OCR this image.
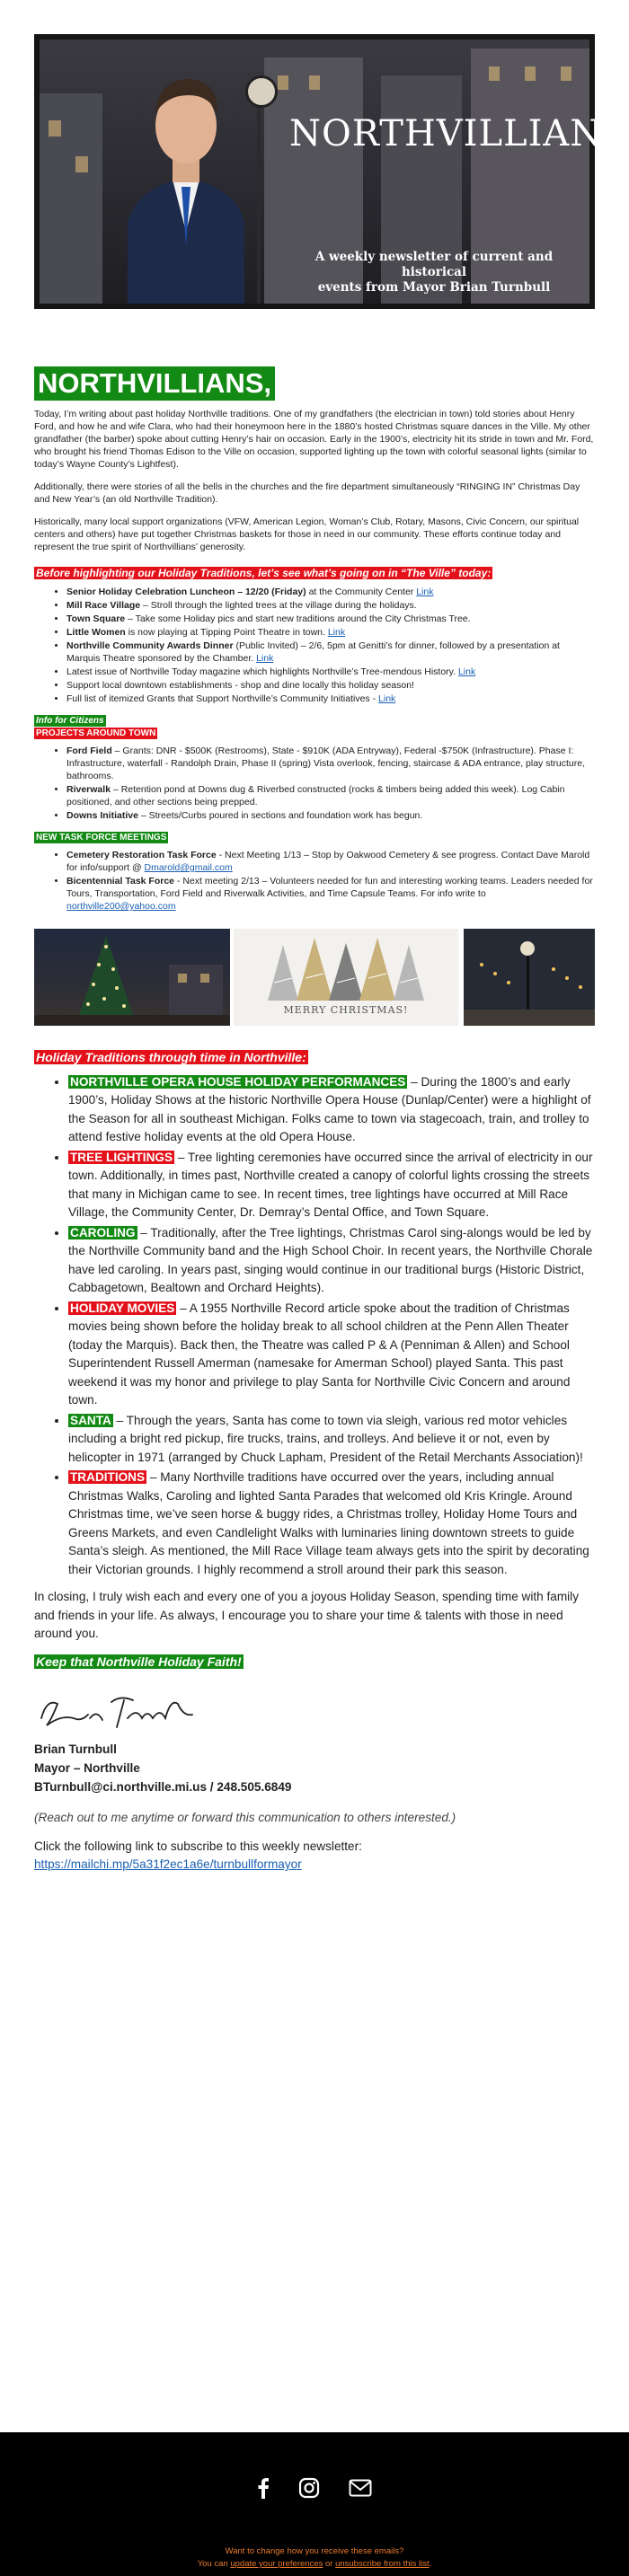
NORTHVILLIAN
A weekly newsletter of current and historical
events from Mayor Brian Turnbull
NORTHVILLIANS,

Today, I’m writing about past holiday Northville traditions. One of my grandfathers (the electrician in town) told stories about Henry Ford, and how he and wife Clara, who had their honeymoon here in the 1880’s hosted Christmas square dances in the Ville. My other grandfather (the barber) spoke about cutting Henry’s hair on occasion. Early in the 1900’s, electricity hit its stride in town and Mr. Ford, who brought his friend Thomas Edison to the Ville on occasion, supported lighting up the town with colorful seasonal lights (similar to today’s Wayne County’s Lightfest).

Additionally, there were stories of all the bells in the churches and the fire department simultaneously “RINGING IN” Christmas Day and New Year’s (an old Northville Tradition).

Historically, many local support organizations (VFW, American Legion, Woman’s Club, Rotary, Masons, Civic Concern, our spiritual centers and others) have put together Christmas baskets for those in need in our community. These efforts continue today and represent the true spirit of Northvillians’ generosity.

Before highlighting our Holiday Traditions, let’s see what’s going on in “The Ville” today:
• Senior Holiday Celebration Luncheon – 12/20 (Friday) at the Community Center Link
• Mill Race Village – Stroll through the lighted trees at the village during the holidays.
• Town Square – Take some Holiday pics and start new traditions around the City Christmas Tree.
• Little Women is now playing at Tipping Point Theatre in town. Link
• Northville Community Awards Dinner (Public Invited) – 2/6, 5pm at Genitti’s for dinner, followed by a presentation at Marquis Theatre sponsored by the Chamber. Link
• Latest issue of Northville Today magazine which highlights Northville’s Tree-mendous History. Link
• Support local downtown establishments - shop and dine locally this holiday season!
• Full list of itemized Grants that Support Northville’s Community Initiatives - Link
Info for Citizens
PROJECTS AROUND TOWN
• Ford Field – Grants: DNR - $500K (Restrooms), State - $910K (ADA Entryway), Federal -$750K (Infrastructure). Phase I: Infrastructure, waterfall - Randolph Drain, Phase II (spring) Vista overlook, fencing, staircase & ADA entrance, play structure, bathrooms.
• Riverwalk – Retention pond at Downs dug & Riverbed constructed (rocks & timbers being added this week). Log Cabin positioned, and other sections being prepped.
• Downs Initiative – Streets/Curbs poured in sections and foundation work has begun.
NEW TASK FORCE MEETINGS
• Cemetery Restoration Task Force - Next Meeting 1/13 – Stop by Oakwood Cemetery & see progress. Contact Dave Marold for info/support @ Dmarold@gmail.com
• Bicentennial Task Force - Next meeting 2/13 – Volunteers needed for fun and interesting working teams. Leaders needed for Tours, Transportation, Ford Field and Riverwalk Activities, and Time Capsule Teams. For info write to northville200@yahoo.com
MERRY CHRISTMAS!
Holiday Traditions through time in Northville:
• NORTHVILLE OPERA HOUSE HOLIDAY PERFORMANCES – During the 1800’s and early 1900’s, Holiday Shows at the historic Northville Opera House (Dunlap/Center) were a highlight of the Season for all in southeast Michigan. Folks came to town via stagecoach, train, and trolley to attend festive holiday events at the old Opera House.
• TREE LIGHTINGS – Tree lighting ceremonies have occurred since the arrival of electricity in our town. Additionally, in times past, Northville created a canopy of colorful lights crossing the streets that many in Michigan came to see. In recent times, tree lightings have occurred at Mill Race Village, the Community Center, Dr. Demray’s Dental Office, and Town Square.
• CAROLING – Traditionally, after the Tree lightings, Christmas Carol sing-alongs would be led by the Northville Community band and the High School Choir. In recent years, the Northville Chorale have led caroling. In years past, singing would continue in our traditional burgs (Historic District, Cabbagetown, Bealtown and Orchard Heights).
• HOLIDAY MOVIES – A 1955 Northville Record article spoke about the tradition of Christmas movies being shown before the holiday break to all school children at the Penn Allen Theater (today the Marquis). Back then, the Theatre was called P & A (Penniman & Allen) and School Superintendent Russell Amerman (namesake for Amerman School) played Santa. This past weekend it was my honor and privilege to play Santa for Northville Civic Concern and around town.
• SANTA – Through the years, Santa has come to town via sleigh, various red motor vehicles including a bright red pickup, fire trucks, trains, and trolleys. And believe it or not, even by helicopter in 1971 (arranged by Chuck Lapham, President of the Retail Merchants Association)!
• TRADITIONS – Many Northville traditions have occurred over the years, including annual Christmas Walks, Caroling and lighted Santa Parades that welcomed old Kris Kringle. Around Christmas time, we’ve seen horse & buggy rides, a Christmas trolley, Holiday Home Tours and Greens Markets, and even Candlelight Walks with luminaries lining downtown streets to guide Santa’s sleigh. As mentioned, the Mill Race Village team always gets into the spirit by decorating their Victorian grounds. I highly recommend a stroll around their park this season.

In closing, I truly wish each and every one of you a joyous Holiday Season, spending time with family and friends in your life. As always, I encourage you to share your time & talents with those in need around you.

Keep that Northville Holiday Faith!
Brian Turnbull
Mayor – Northville
BTurnbull@ci.northville.mi.us / 248.505.6849

(Reach out to me anytime or forward this communication to others interested.)

Click the following link to subscribe to this weekly newsletter:
https://mailchi.mp/5a31f2ec1a6e/turnbullformayor

Want to change how you receive these emails?
You can update your preferences or unsubscribe from this list.
